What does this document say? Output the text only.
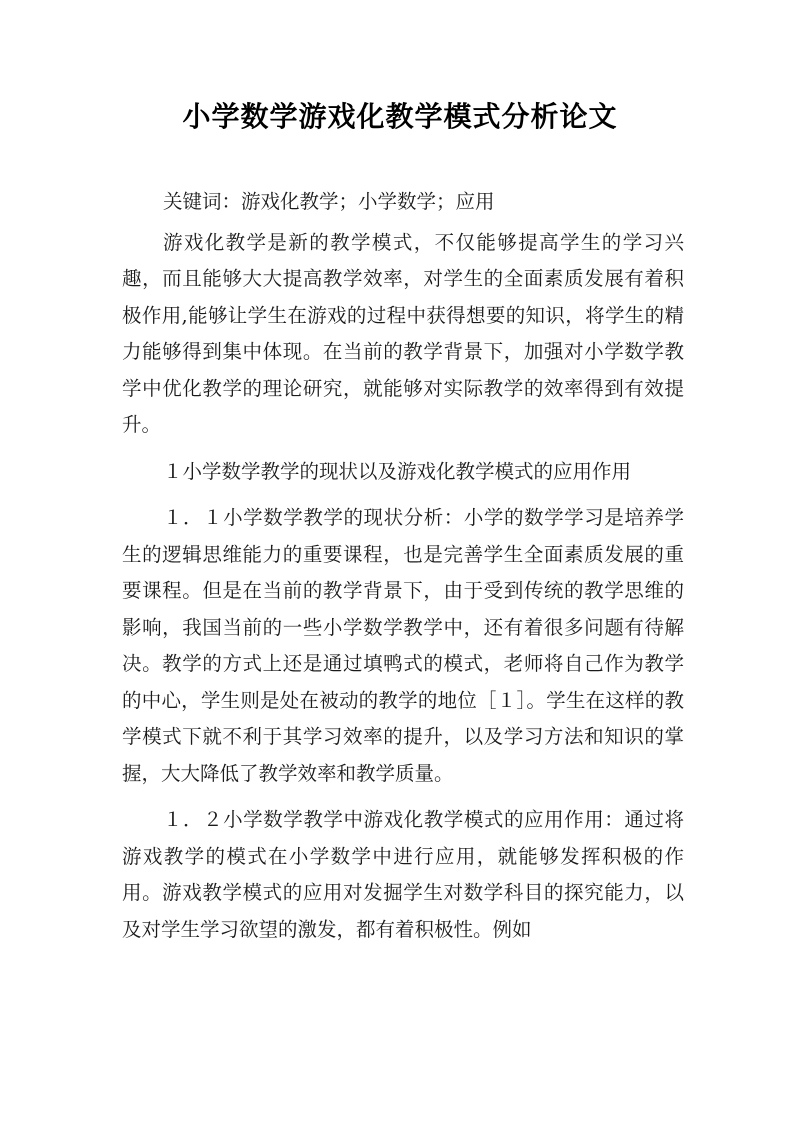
小学数学游戏化教学模式分析论文

关键词：游戏化教学；小学数学；应用

游戏化教学是新的教学模式，不仅能够提高学生的学习兴趣，而且能够大大提高教学效率，对学生的全面素质发展有着积极作用,能够让学生在游戏的过程中获得想要的知识，将学生的精力能够得到集中体现。在当前的教学背景下，加强对小学数学教学中优化教学的理论研究，就能够对实际教学的效率得到有效提升。

１小学数学教学的现状以及游戏化教学模式的应用作用

１．１小学数学教学的现状分析：小学的数学学习是培养学生的逻辑思维能力的重要课程，也是完善学生全面素质发展的重要课程。但是在当前的教学背景下，由于受到传统的教学思维的影响，我国当前的一些小学数学教学中，还有着很多问题有待解决。教学的方式上还是通过填鸭式的模式，老师将自己作为教学的中心，学生则是处在被动的教学的地位［１］。学生在这样的教学模式下就不利于其学习效率的提升，以及学习方法和知识的掌握，大大降低了教学效率和教学质量。

１．２小学数学教学中游戏化教学模式的应用作用：通过将游戏教学的模式在小学数学中进行应用，就能够发挥积极的作用。游戏教学模式的应用对发掘学生对数学科目的探究能力，以及对学生学习欲望的激发，都有着积极性。例如
